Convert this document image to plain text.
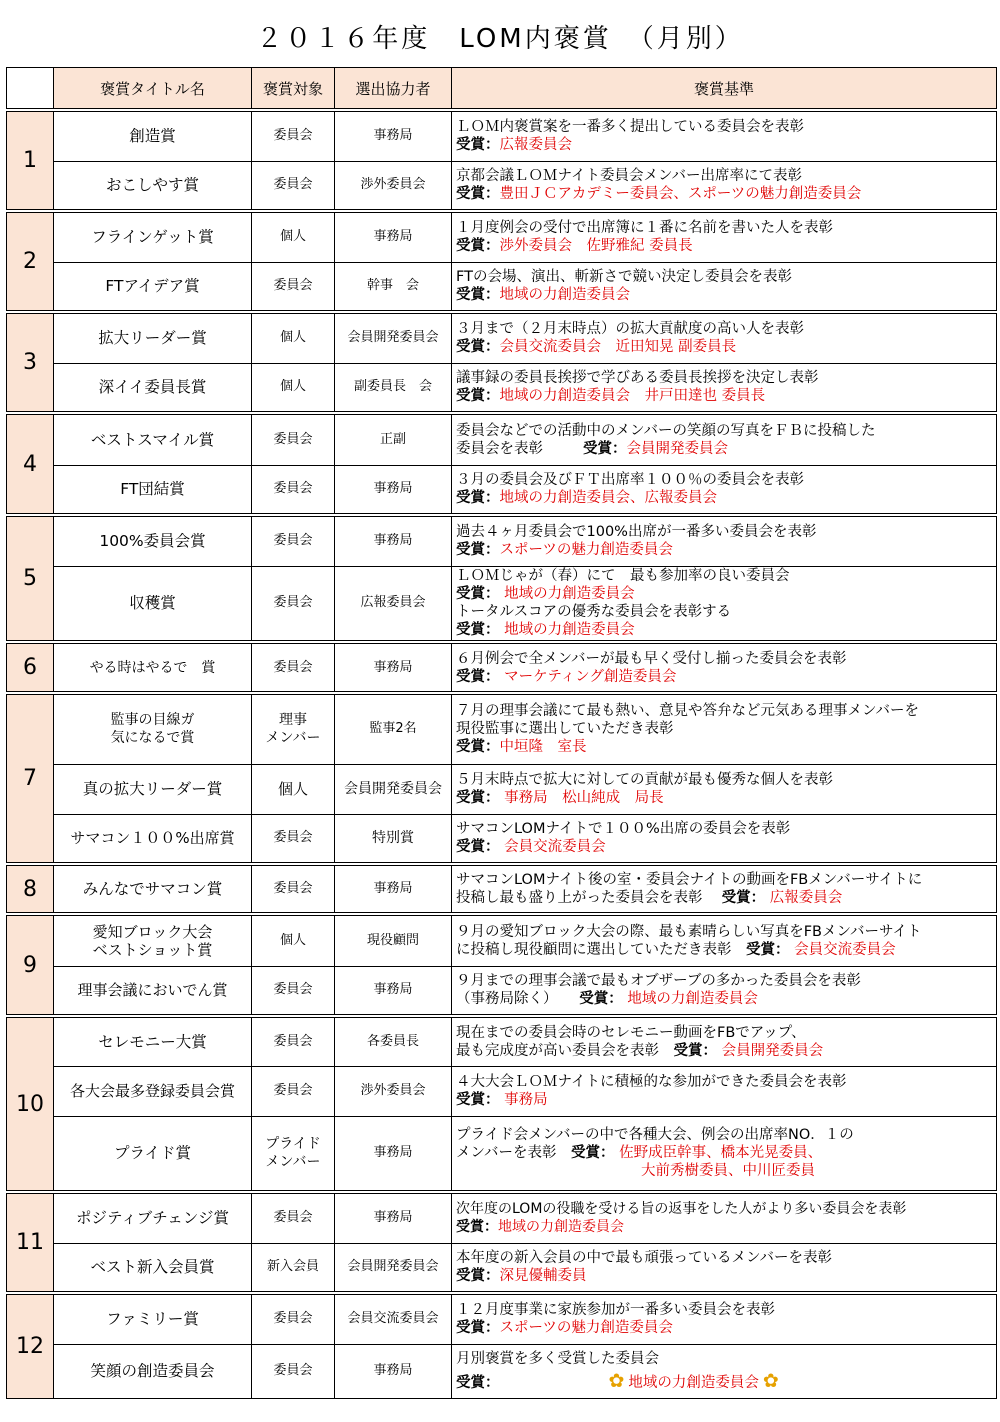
２０１６年度　LOM内褒賞　（月別）
	褒賞タイトル名	褒賞対象	選出協力者	褒賞基準
1	創造賞	委員会	事務局	ＬＯＭ内褒賞案を一番多く提出している委員会を表彰
受賞：広報委員会
	おこしやす賞	委員会	渉外委員会	京都会議ＬＯＭナイト委員会メンバー出席率にて表彰
受賞：豊田ＪＣアカデミー委員会、スポーツの魅力創造委員会
2	フラインゲット賞	個人	事務局	１月度例会の受付で出席簿に１番に名前を書いた人を表彰
受賞：渉外委員会　佐野雅紀 委員長
	FTアイデア賞	委員会	幹事　会	FTの会場、演出、斬新さで競い決定し委員会を表彰
受賞：地域の力創造委員会
3	拡大リーダー賞	個人	会員開発委員会	３月まで（２月末時点）の拡大貢献度の高い人を表彰
受賞：会員交流委員会　近田知晃 副委員長
	深イイ委員長賞	個人	副委員長　会	議事録の委員長挨拶で学びある委員長挨拶を決定し表彰
受賞：地域の力創造委員会　井戸田達也 委員長
4	ベストスマイル賞	委員会	正副	委員会などでの活動中のメンバーの笑顔の写真をＦＢに投稿した
委員会を表彰 受賞：会員開発委員会
	FT団結賞	委員会	事務局	３月の委員会及びＦＴ出席率１００％の委員会を表彰
受賞：地域の力創造委員会、広報委員会
5	100%委員会賞	委員会	事務局	過去４ヶ月委員会で100%出席が一番多い委員会を表彰
受賞：スポーツの魅力創造委員会
	収穫賞	委員会	広報委員会	ＬＯＭじゃが（春）にて　最も参加率の良い委員会
受賞： 地域の力創造委員会
トータルスコアの優秀な委員会を表彰する
受賞： 地域の力創造委員会
6	やる時はやるで　賞	委員会	事務局	６月例会で全メンバーが最も早く受付し揃った委員会を表彰
受賞： マーケティング創造委員会
7	監事の目線ガ
気になるで賞	理事
メンバー	監事2名	７月の理事会議にて最も熱い、意見や答弁など元気ある理事メンバーを
現役監事に選出していただき表彰
受賞：中垣隆　室長
	真の拡大リーダー賞	個人	会員開発委員会	５月末時点で拡大に対しての貢献が最も優秀な個人を表彰
受賞： 事務局　松山純成　局長
	サマコン１００%出席賞	委員会	特別賞	サマコンLOMナイトで１００%出席の委員会を表彰
受賞： 会員交流委員会
8	みんなでサマコン賞	委員会	事務局	サマコンLOMナイト後の室・委員会ナイトの動画をFBメンバーサイトに
投稿し最も盛り上がった委員会を表彰　 受賞： 広報委員会
9	愛知ブロック大会
ベストショット賞	個人	現役顧問	９月の愛知ブロック大会の際、最も素晴らしい写真をFBメンバーサイト
に投稿し現役顧問に選出していただき表彰　 受賞： 会員交流委員会
	理事会議においでん賞	委員会	事務局	９月までの理事会議で最もオブザーブの多かった委員会を表彰
（事務局除く）　　 受賞： 地域の力創造委員会
10	セレモニー大賞	委員会	各委員長	現在までの委員会時のセレモニー動画をFBでアップ、
最も完成度が高い委員会を表彰　 受賞： 会員開発委員会
	各大会最多登録委員会賞	委員会	渉外委員会	４大大会ＬＯＭナイトに積極的な参加ができた委員会を表彰
受賞： 事務局
	プライド賞	プライド
メンバー	事務局	プライド会メンバーの中で各種大会、例会の出席率NO．１の
メンバーを表彰　 受賞： 佐野成臣幹事、橋本光晃委員、
大前秀樹委員、中川匠委員
11	ポジティブチェンジ賞	委員会	事務局	次年度のLOMの役職を受ける旨の返事をした人がより多い委員会を表彰
受賞：地域の力創造委員会
	ベスト新入会員賞	新入会員	会員開発委員会	本年度の新入会員の中で最も頑張っているメンバーを表彰
受賞：深見優輔委員
12	ファミリー賞	委員会	会員交流委員会	１２月度事業に家族参加が一番多い委員会を表彰
受賞：スポーツの魅力創造委員会
	笑顔の創造委員会	委員会	事務局	月別褒賞を多く受賞した委員会
受賞： ✿ 地域の力創造委員会 ✿
